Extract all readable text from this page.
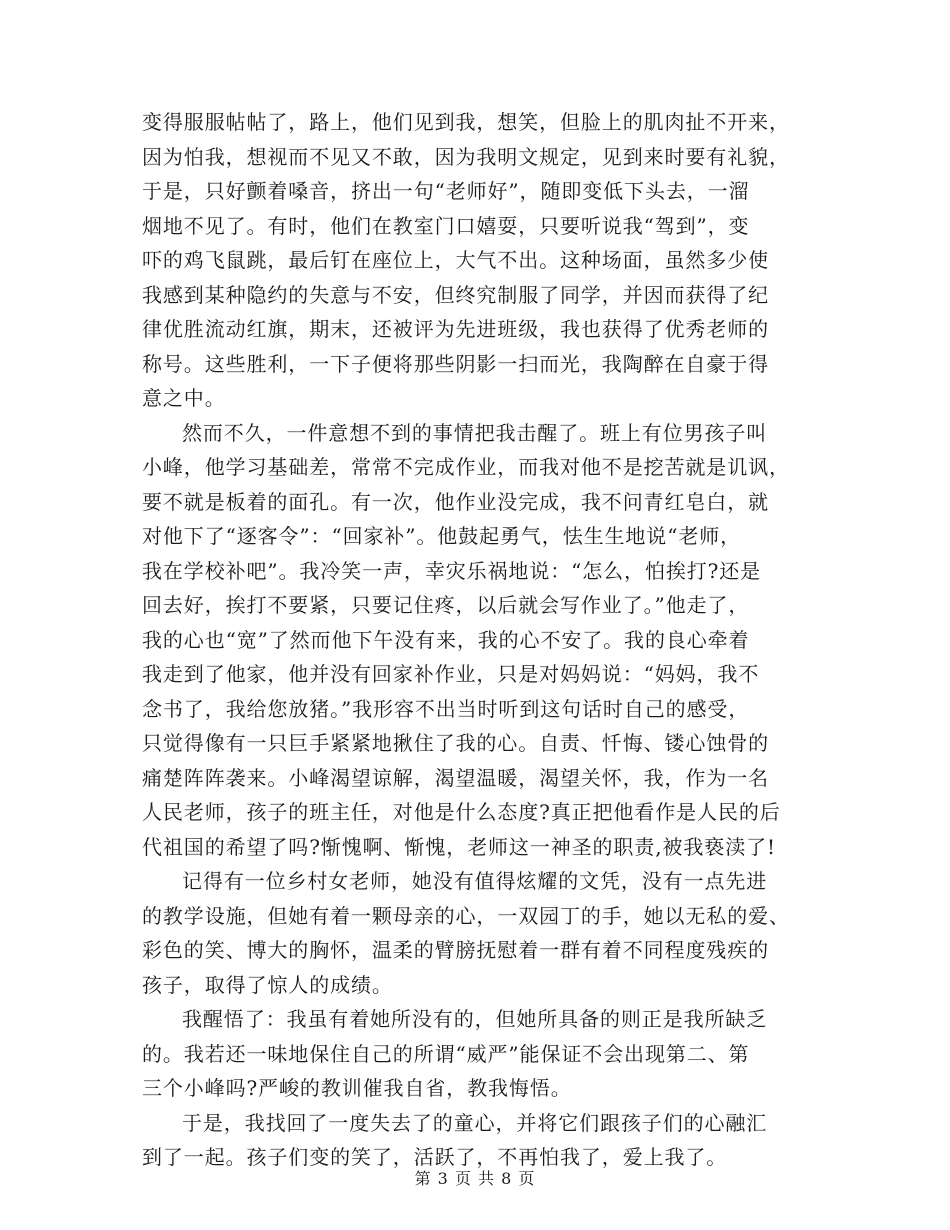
变得服服帖帖了，路上，他们见到我，想笑，但脸上的肌肉扯不开来，
因为怕我，想视而不见又不敢，因为我明文规定，见到来时要有礼貌，
于是，只好颤着嗓音，挤出一句“老师好”，随即变低下头去，一溜
烟地不见了。有时，他们在教室门口嬉耍，只要听说我“驾到”，变
吓的鸡飞鼠跳，最后钉在座位上，大气不出。这种场面，虽然多少使
我感到某种隐约的失意与不安，但终究制服了同学，并因而获得了纪
律优胜流动红旗，期末，还被评为先进班级，我也获得了优秀老师的
称号。这些胜利，一下子便将那些阴影一扫而光，我陶醉在自豪于得
意之中。
然而不久，一件意想不到的事情把我击醒了。班上有位男孩子叫
小峰，他学习基础差，常常不完成作业，而我对他不是挖苦就是讥讽，
要不就是板着的面孔。有一次，他作业没完成，我不问青红皂白，就
对他下了“逐客令”：“回家补”。他鼓起勇气，怯生生地说“老师，
我在学校补吧”。我冷笑一声，幸灾乐祸地说：“怎么，怕挨打?还是
回去好，挨打不要紧，只要记住疼，以后就会写作业了。”他走了，
我的心也“宽”了然而他下午没有来，我的心不安了。我的良心牵着
我走到了他家，他并没有回家补作业，只是对妈妈说：“妈妈，我不
念书了，我给您放猪。”我形容不出当时听到这句话时自己的感受，
只觉得像有一只巨手紧紧地揪住了我的心。自责、忏悔、镂心蚀骨的
痛楚阵阵袭来。小峰渴望谅解，渴望温暖，渴望关怀，我，作为一名
人民老师，孩子的班主任，对他是什么态度?真正把他看作是人民的后
代祖国的希望了吗?惭愧啊、惭愧，老师这一神圣的职责,被我亵渎了!
记得有一位乡村女老师，她没有值得炫耀的文凭，没有一点先进
的教学设施，但她有着一颗母亲的心，一双园丁的手，她以无私的爱、
彩色的笑、博大的胸怀，温柔的臂膀抚慰着一群有着不同程度残疾的
孩子，取得了惊人的成绩。
我醒悟了：我虽有着她所没有的，但她所具备的则正是我所缺乏
的。我若还一味地保住自己的所谓“威严”能保证不会出现第二、第
三个小峰吗?严峻的教训催我自省，教我悔悟。
于是，我找回了一度失去了的童心，并将它们跟孩子们的心融汇
到了一起。孩子们变的笑了，活跃了，不再怕我了，爱上我了。
第 3 页 共 8 页
